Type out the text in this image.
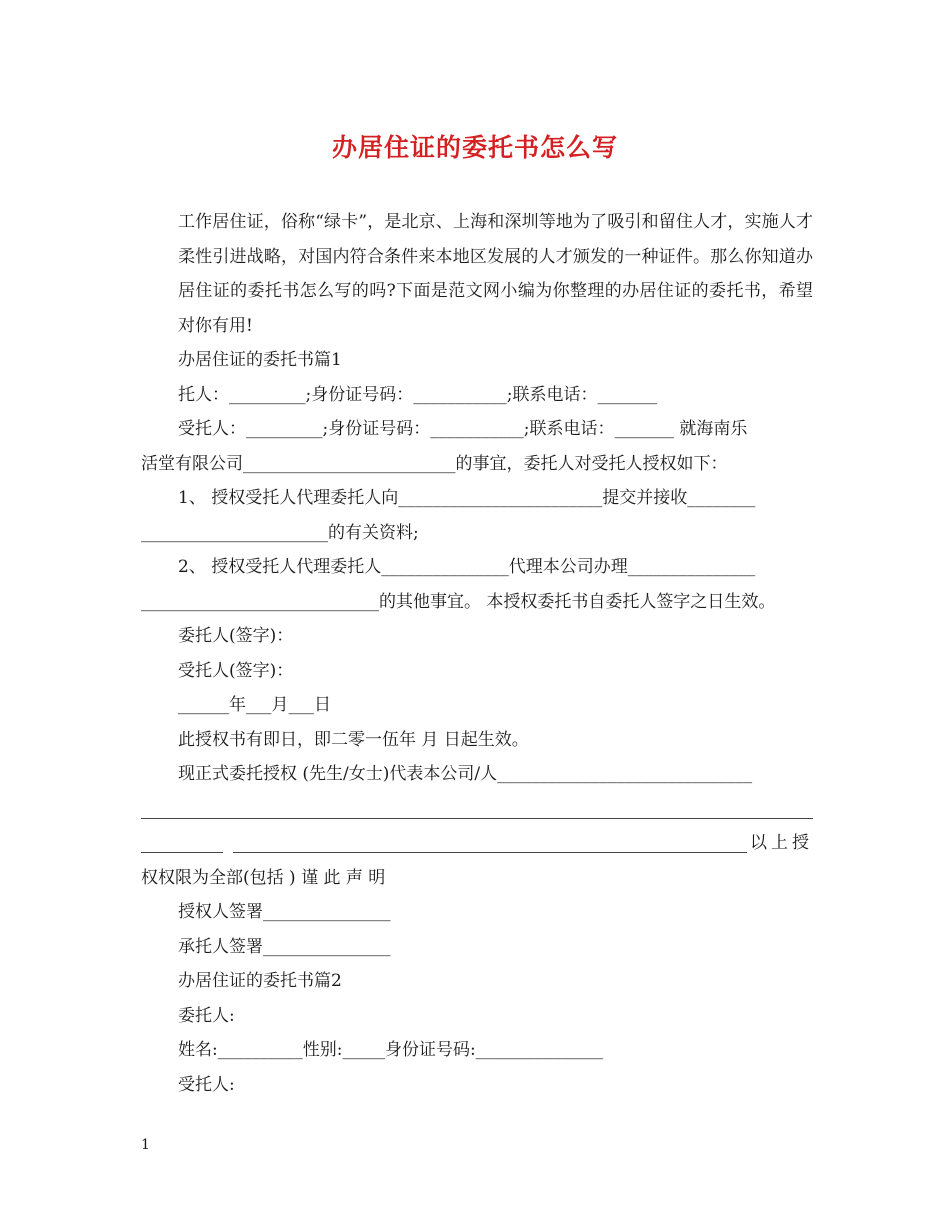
办居住证的委托书怎么写

工作居住证，俗称“绿卡”，是北京、上海和深圳等地为了吸引和留住人才，实施人才柔性引进战略，对国内符合条件来本地区发展的人才颁发的一种证件。那么你知道办居住证的委托书怎么写的吗?下面是范文网小编为你整理的办居住证的委托书，希望对你有用!

办居住证的委托书篇1

托人：_________;身份证号码：___________;联系电话：_______

受托人：_________;身份证号码：___________;联系电话：_______ 就海南乐

活堂有限公司_________________________的事宜，委托人对受托人授权如下：

1、 授权受托人代理委托人向________________________提交并接收________

______________________的有关资料;

2、 授权受托人代理委托人_______________代理本公司办理_______________

____________________________的其他事宜。 本授权委托书自委托人签字之日生效。

委托人(签字)：

受托人(签字)：

______年___月___日

此授权书有即日，即二零一伍年 月 日起生效。

现正式委托授权 (先生/女士)代表本公司/人______________________________

以上授

权权限为全部(包括 ) 谨 此 声 明

授权人签署_______________

承托人签署_______________

办居住证的委托书篇2

委托人:

姓名:__________性别:_____身份证号码:_______________

受托人:

1
